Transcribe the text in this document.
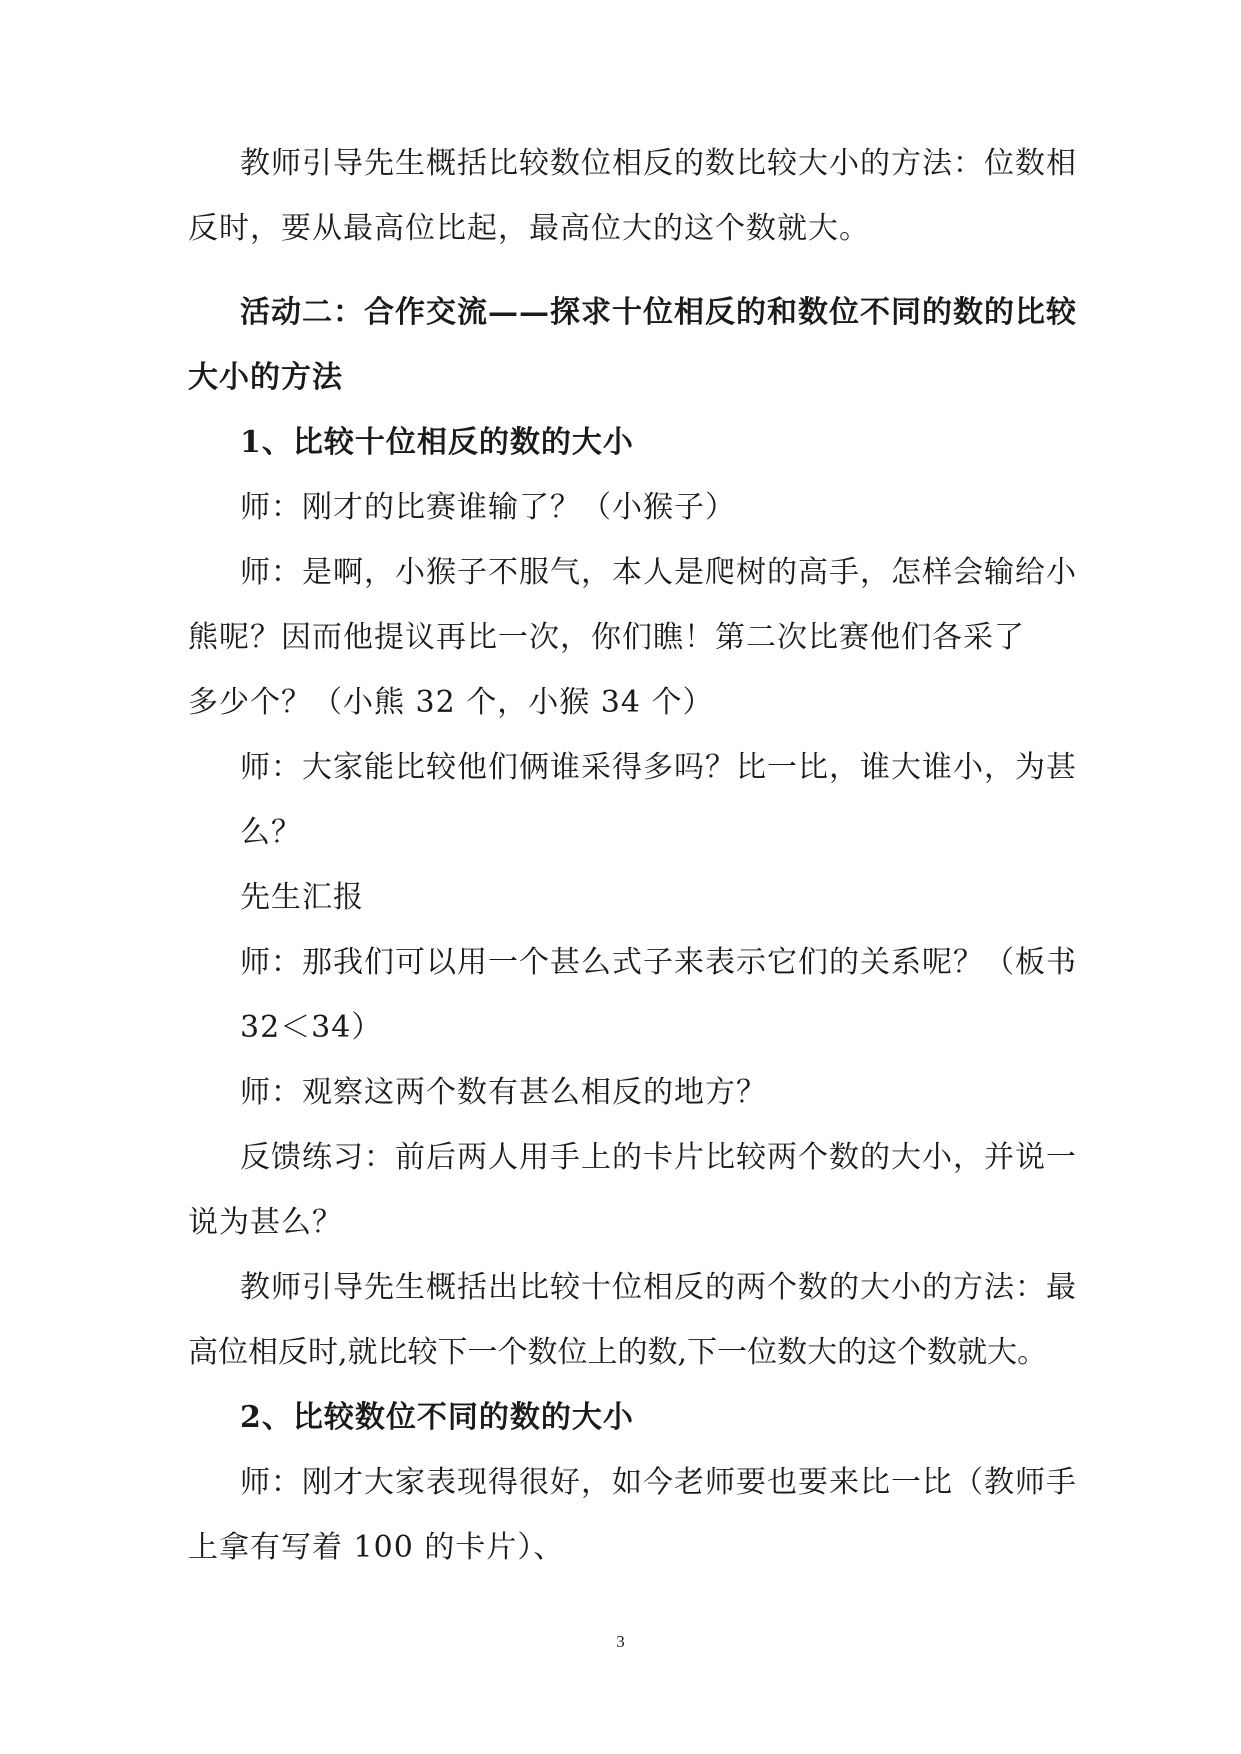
教师引导先生概括比较数位相反的数比较大小的方法：位数相
反时，要从最高位比起，最高位大的这个数就大。
活动二：合作交流——探求十位相反的和数位不同的数的比较
大小的方法
1、比较十位相反的数的大小
师：刚才的比赛谁输了？（小猴子）
师：是啊，小猴子不服气，本人是爬树的高手，怎样会输给小
熊呢？因而他提议再比一次，你们瞧！第二次比赛他们各采了
多少个？（小熊 32 个，小猴 34 个）
师：大家能比较他们俩谁采得多吗？比一比，谁大谁小，为甚
么？
先生汇报
师：那我们可以用一个甚么式子来表示它们的关系呢？（板书
32＜34）
师：观察这两个数有甚么相反的地方？
反馈练习：前后两人用手上的卡片比较两个数的大小，并说一
说为甚么？
教师引导先生概括出比较十位相反的两个数的大小的方法：最
高位相反时,就比较下一个数位上的数,下一位数大的这个数就大。
2、比较数位不同的数的大小
师：刚才大家表现得很好，如今老师要也要来比一比（教师手
上拿有写着 100 的卡片）、
3
